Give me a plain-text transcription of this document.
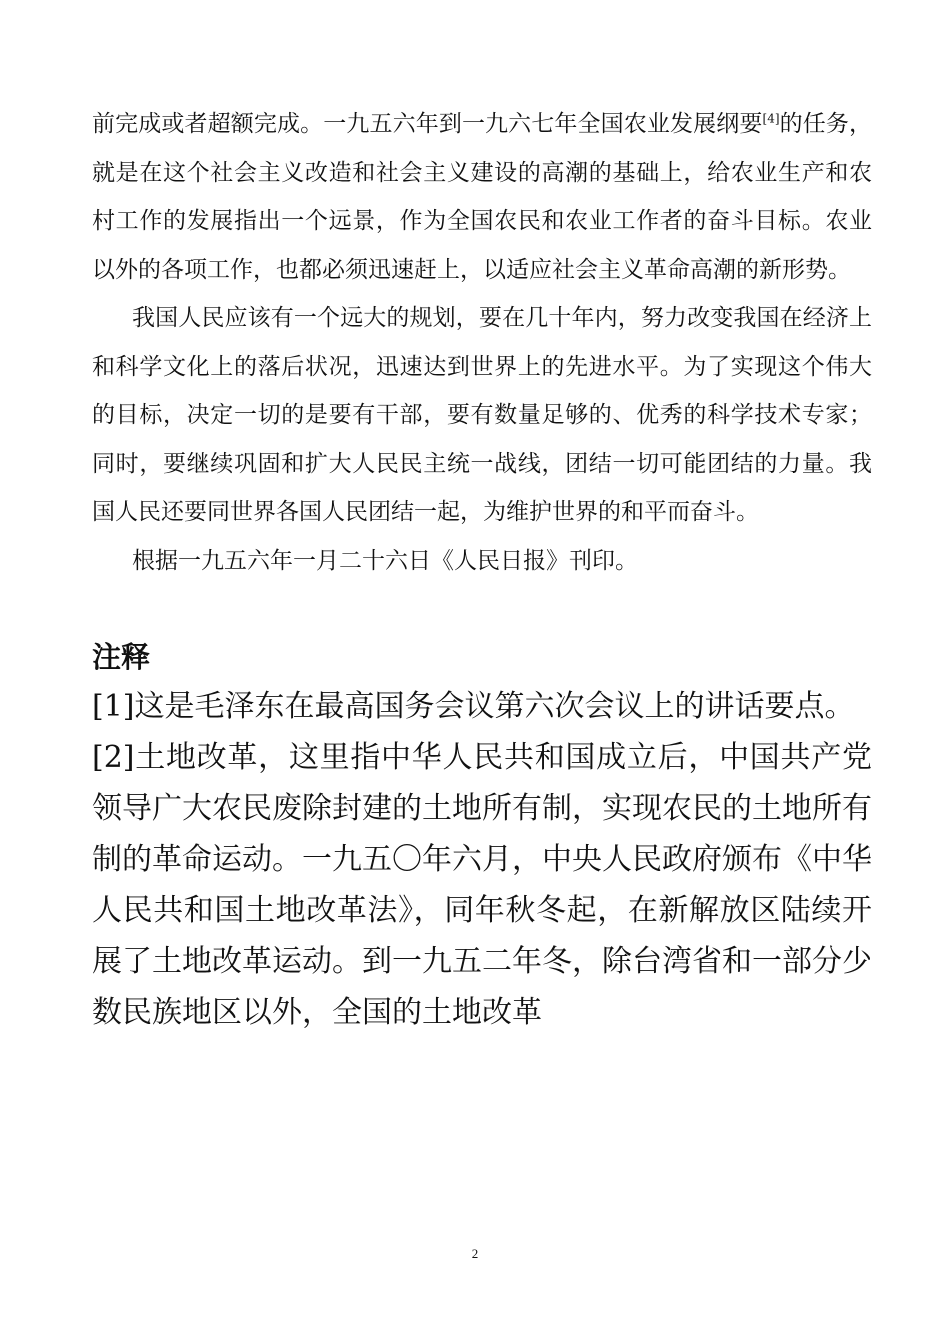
前完成或者超额完成。一九五六年到一九六七年全国农业发展纲要[4]的任务，就是在这个社会主义改造和社会主义建设的高潮的基础上，给农业生产和农村工作的发展指出一个远景，作为全国农民和农业工作者的奋斗目标。农业以外的各项工作，也都必须迅速赶上，以适应社会主义革命高潮的新形势。

我国人民应该有一个远大的规划，要在几十年内，努力改变我国在经济上和科学文化上的落后状况，迅速达到世界上的先进水平。为了实现这个伟大的目标，决定一切的是要有干部，要有数量足够的、优秀的科学技术专家；同时，要继续巩固和扩大人民民主统一战线，团结一切可能团结的力量。我国人民还要同世界各国人民团结一起，为维护世界的和平而奋斗。

根据一九五六年一月二十六日《人民日报》刊印。

注释

[1]这是毛泽东在最高国务会议第六次会议上的讲话要点。

[2]土地改革，这里指中华人民共和国成立后，中国共产党领导广大农民废除封建的土地所有制，实现农民的土地所有制的革命运动。一九五〇年六月，中央人民政府颁布《中华人民共和国土地改革法》，同年秋冬起，在新解放区陆续开展了土地改革运动。到一九五二年冬，除台湾省和一部分少数民族地区以外，全国的土地改革

2
